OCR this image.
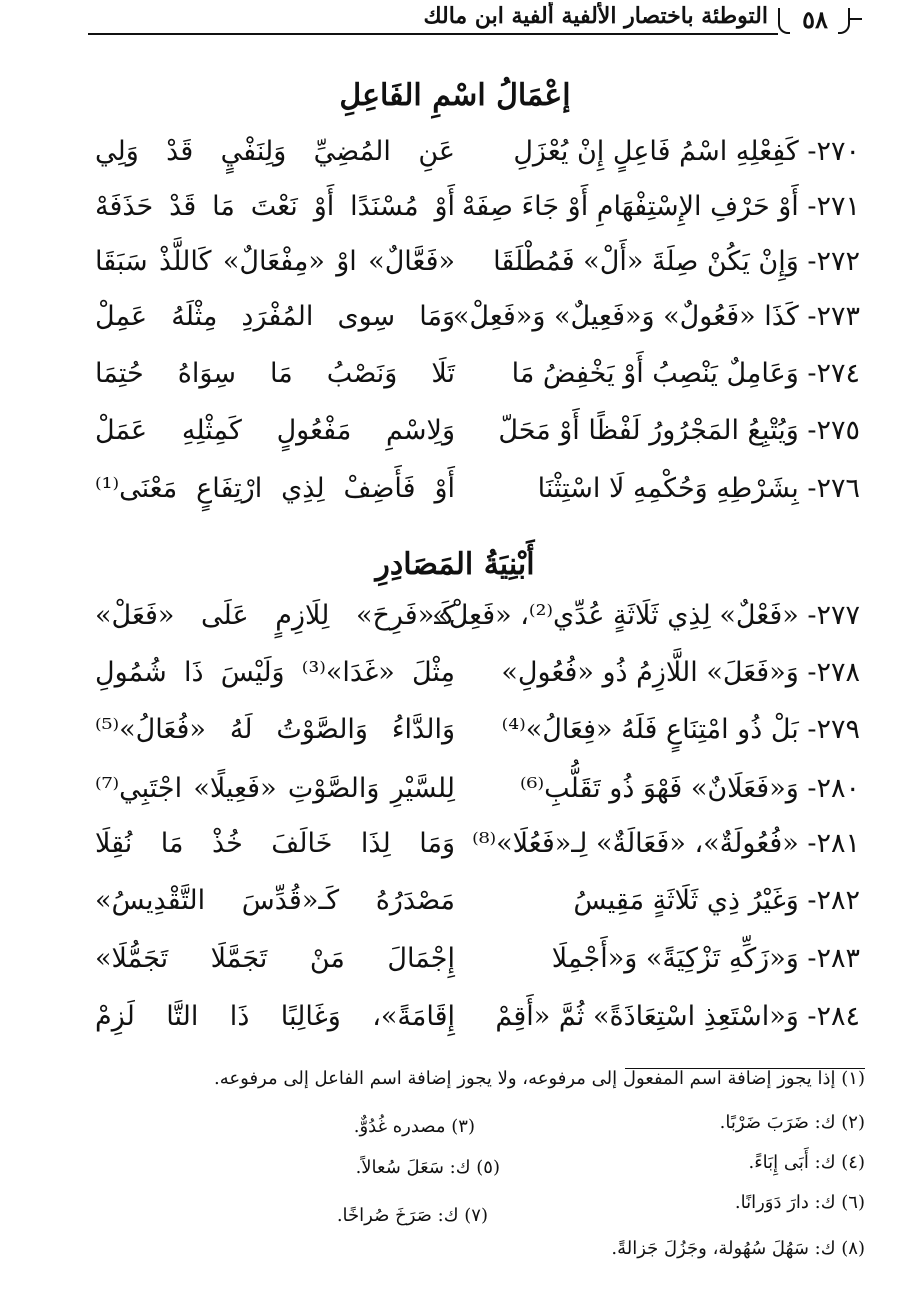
التوطئة باختصار الألفية ألفية ابن مالك	٥٨
إعْمَالُ اسْمِ الفَاعِلِ
٢٧٠- كَفِعْلِهِ اسْمُ فَاعِلٍ إِنْ يُعْزَلِ
عَنِ المُضِيِّ وَلِنَفْيٍ قَدْ وَلِي
٢٧١- أَوْ حَرْفِ الإِسْتِفْهَامِ أَوْ جَاءَ صِفَهْ
أَوْ مُسْنَدًا أَوْ نَعْتَ مَا قَدْ حَذَفَهْ
٢٧٢- وَإِنْ يَكُنْ صِلَةَ «أَلْ» فَمُطْلَقَا
«فَعَّالٌ» اوْ «مِفْعَالٌ» كَاللَّذْ سَبَقَا
٢٧٣- كَذَا «فَعُولٌ» وَ«فَعِيلٌ» وَ«فَعِلْ»
وَمَا سِوى المُفْرَدِ مِثْلَهُ عَمِلْ
٢٧٤- وَعَامِلٌ يَنْصِبُ أَوْ يَخْفِضُ مَا
تَلَا وَنَصْبُ مَا سِوَاهُ حُتِمَا
٢٧٥- وَيُتْبِعُ المَجْرُورُ لَفْظًا أَوْ مَحَلّ
وَلِاسْمِ مَفْعُولٍ كَمِثْلِهِ عَمَلْ
٢٧٦- بِشَرْطِهِ وَحُكْمِهِ لَا اسْتِثْنَا
أَوْ فَأَضِفْ لِذِي ارْتِفَاعٍ مَعْنَى⁽¹⁾
أَبْنِيَةُ المَصَادِرِ
٢٧٧- «فَعْلٌ» لِذِي ثَلَاثَةٍ عُدِّي⁽²⁾، «فَعِلْ»
كَـ«فَرِحَ» لِلَازِمٍ عَلَى «فَعَلْ»
٢٧٨- وَ«فَعَلَ» اللَّازِمُ ذُو «فُعُولِ»
مِثْلَ «غَدَا»⁽³⁾ وَلَيْسَ ذَا شُمُولِ
٢٧٩- بَلْ ذُو امْتِنَاعٍ فَلَهُ «فِعَالُ»⁽⁴⁾
وَالدَّاءُ وَالصَّوْتُ لَهُ «فُعَالُ»⁽⁵⁾
٢٨٠- وَ«فَعَلَانٌ» فَهْوَ ذُو تَقَلُّبِ⁽⁶⁾
لِلسَّيْرِ وَالصَّوْتِ «فَعِيلًا» اجْتَبِي⁽⁷⁾
٢٨١- «فُعُولَةٌ»، «فَعَالَةٌ» لِـ«فَعُلَا»⁽⁸⁾
وَمَا لِذَا خَالَفَ خُذْ مَا نُقِلَا
٢٨٢- وَغَيْرُ ذِي ثَلَاثَةٍ مَقِيسُ
مَصْدَرُهُ كَـ«قُدِّسَ التَّقْدِيسُ»
٢٨٣- وَ«زَكِّهِ تَزْكِيَةً» وَ«أَجْمِلَا
إِجْمَالَ مَنْ تَجَمَّلَا تَجَمُّلَا»
٢٨٤- وَ«اسْتَعِذِ اسْتِعَاذَةً» ثُمَّ «أَقِمْ
إِقَامَةً»، وَغَالِبًا ذَا التَّا لَزِمْ
(١) إذا يجوز إضافة اسم المفعول إلى مرفوعه، ولا يجوز إضافة اسم الفاعل إلى مرفوعه.
(٢) ك: ضَرَبَ ضَرْبًا.
(٣) مصدره غُدُوٌّ.
(٤) ك: أَبَى إِبَاءً.
(٥) ك: سَعَلَ سُعالاً.
(٦) ك: دارَ دَوَرانًا.
(٧) ك: صَرَخَ صُراخًا.
(٨) ك: سَهُلَ سُهُولة، وجَزُلَ جَزالةً.
